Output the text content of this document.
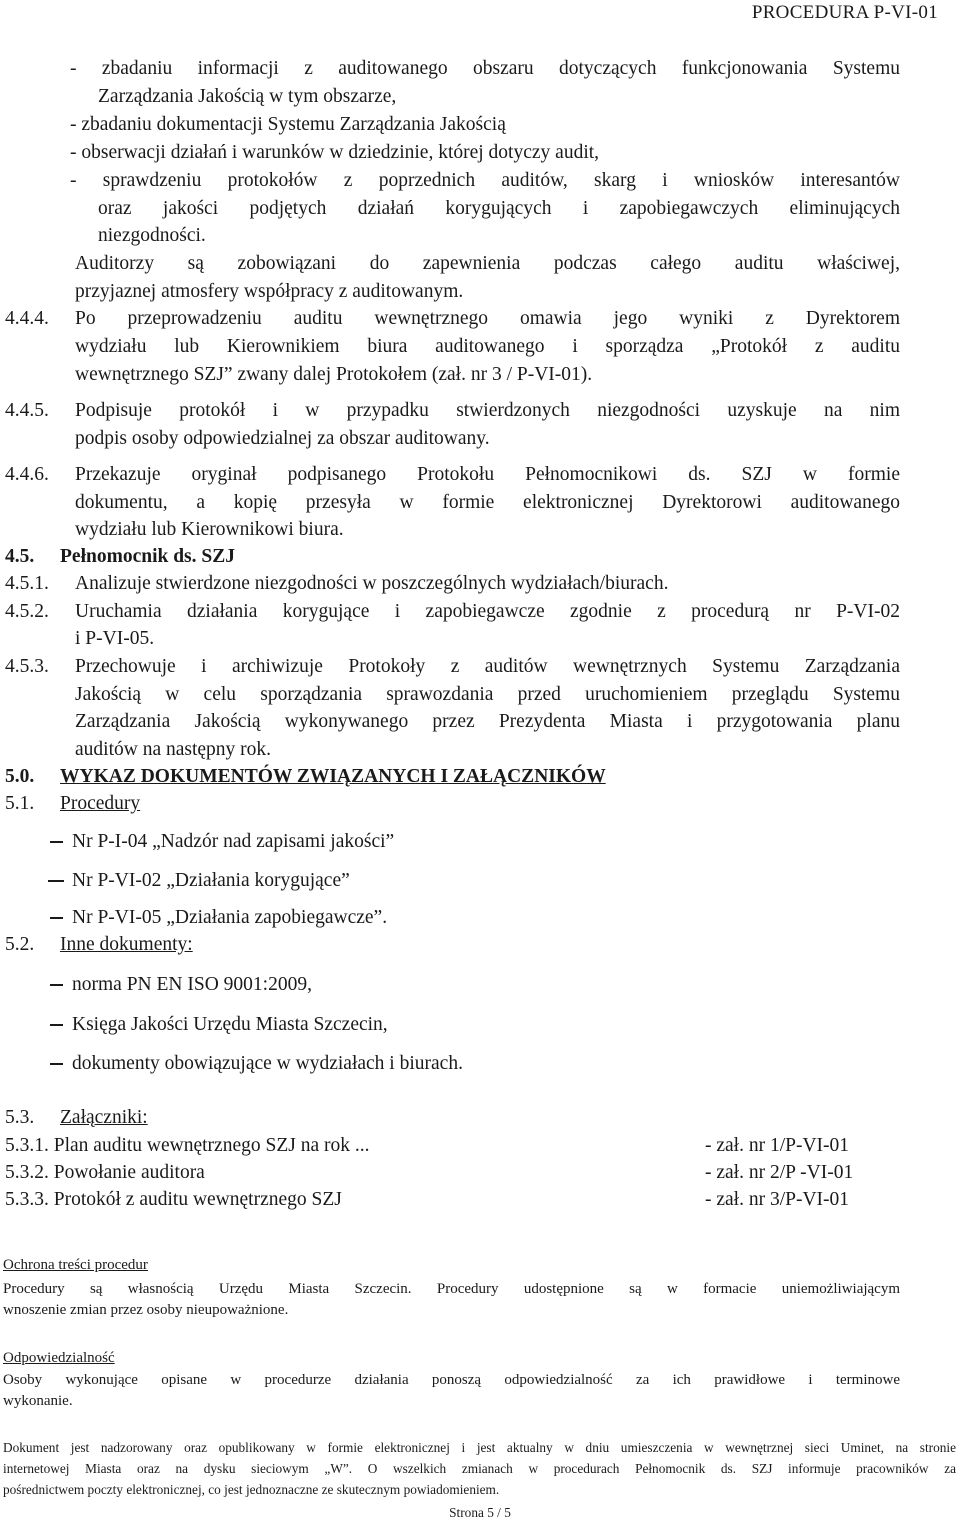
PROCEDURA P-VI-01
- zbadaniu informacji z auditowanego obszaru dotyczących funkcjonowania Systemu
Zarządzania Jakością w tym obszarze,
- zbadaniu dokumentacji Systemu Zarządzania Jakością
- obserwacji działań i warunków w dziedzinie, której dotyczy audit,
- sprawdzeniu protokołów z poprzednich auditów, skarg i wniosków interesantów
oraz jakości podjętych działań korygujących i zapobiegawczych eliminujących
niezgodności.
Auditorzy są zobowiązani do zapewnienia podczas całego auditu właściwej,
przyjaznej atmosfery współpracy z auditowanym.
4.4.4. Po przeprowadzeniu auditu wewnętrznego omawia jego wyniki z Dyrektorem
wydziału lub Kierownikiem biura auditowanego i sporządza „Protokół z auditu
wewnętrznego SZJ” zwany dalej Protokołem (zał. nr 3 / P-VI-01).
4.4.5. Podpisuje protokół i w przypadku stwierdzonych niezgodności uzyskuje na nim
podpis osoby odpowiedzialnej za obszar auditowany.
4.4.6. Przekazuje oryginał podpisanego Protokołu Pełnomocnikowi ds. SZJ w formie
dokumentu, a kopię przesyła w formie elektronicznej Dyrektorowi auditowanego
wydziału lub Kierownikowi biura.
4.5. Pełnomocnik ds. SZJ
4.5.1. Analizuje stwierdzone niezgodności w poszczególnych wydziałach/biurach.
4.5.2. Uruchamia działania korygujące i zapobiegawcze zgodnie z procedurą nr P-VI-02
i P-VI-05.
4.5.3. Przechowuje i archiwizuje Protokoły z auditów wewnętrznych Systemu Zarządzania
Jakością w celu sporządzania sprawozdania przed uruchomieniem przeglądu Systemu
Zarządzania Jakością wykonywanego przez Prezydenta Miasta i przygotowania planu
auditów na następny rok.
5.0. WYKAZ DOKUMENTÓW ZWIĄZANYCH I ZAŁĄCZNIKÓW
5.1. Procedury
Nr P-I-04 „Nadzór nad zapisami jakości”
Nr P-VI-02 „Działania korygujące”
Nr P-VI-05 „Działania zapobiegawcze”.
5.2. Inne dokumenty:
norma PN EN ISO 9001:2009,
Księga Jakości Urzędu Miasta Szczecin,
dokumenty obowiązujące w wydziałach i biurach.
5.3. Załączniki:
5.3.1. Plan auditu wewnętrznego SZJ na rok ...	- zał. nr 1/P-VI-01
5.3.2. Powołanie auditora	- zał. nr 2/P -VI-01
5.3.3. Protokół z auditu wewnętrznego SZJ	- zał. nr 3/P-VI-01
Ochrona treści procedur
Procedury są własnością Urzędu Miasta Szczecin. Procedury udostępnione są w formacie uniemożliwiającym
wnoszenie zmian przez osoby nieupoważnione.
Odpowiedzialność
Osoby wykonujące opisane w procedurze działania ponoszą odpowiedzialność za ich prawidłowe i terminowe
wykonanie.
Dokument jest nadzorowany oraz opublikowany w formie elektronicznej i jest aktualny w dniu umieszczenia w wewnętrznej sieci Uminet, na stronie
internetowej Miasta oraz na dysku sieciowym „W”. O wszelkich zmianach w procedurach Pełnomocnik ds. SZJ informuje pracowników za
pośrednictwem poczty elektronicznej, co jest jednoznaczne ze skutecznym powiadomieniem.
Strona 5 / 5
